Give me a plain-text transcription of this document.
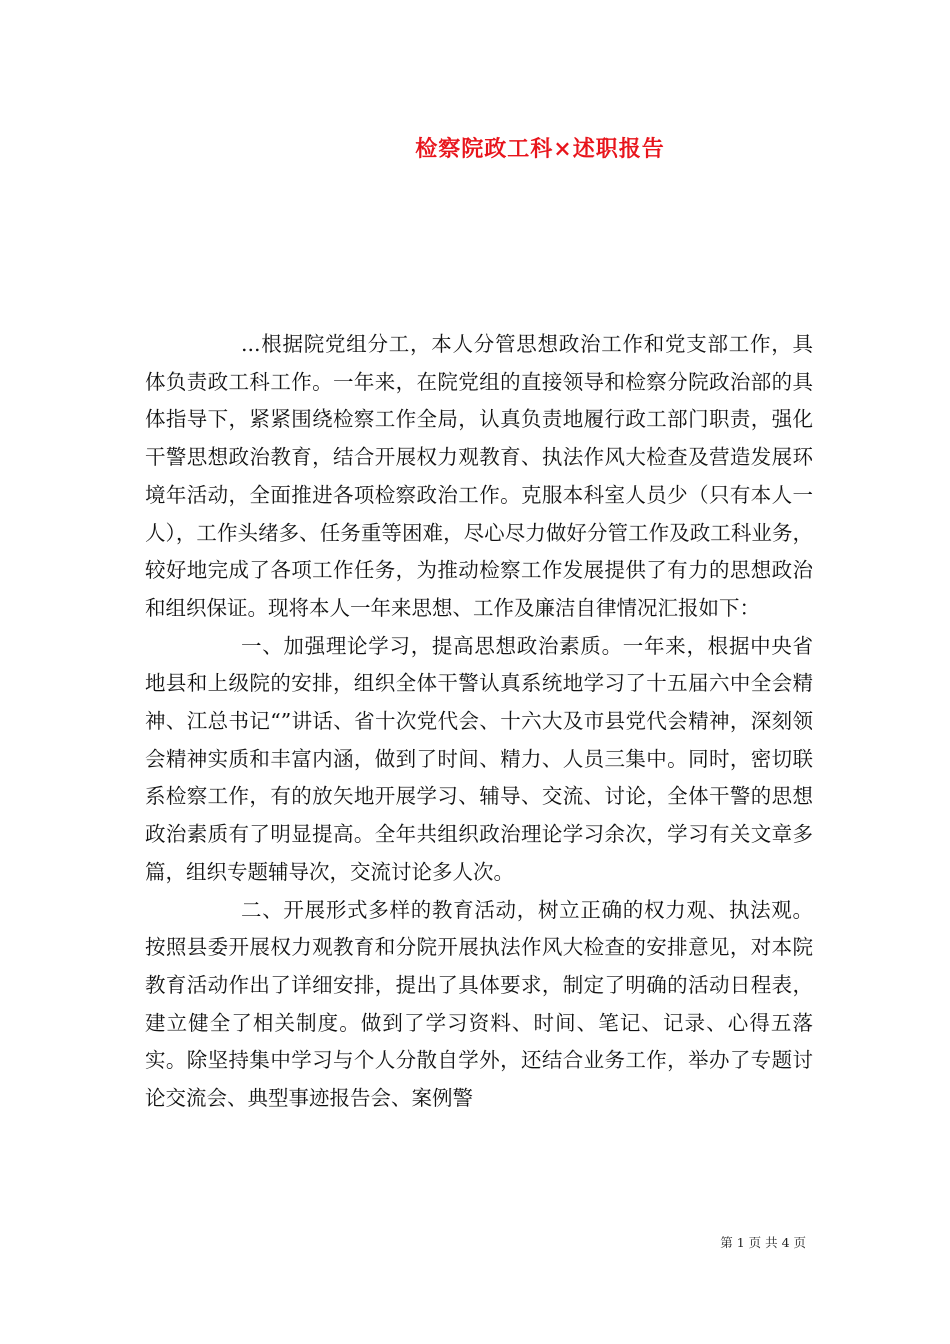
检察院政工科×述职报告

...根据院党组分工，本人分管思想政治工作和党支部工作，具体负责政工科工作。一年来，在院党组的直接领导和检察分院政治部的具体指导下，紧紧围绕检察工作全局，认真负责地履行政工部门职责，强化干警思想政治教育，结合开展权力观教育、执法作风大检查及营造发展环境年活动，全面推进各项检察政治工作。克服本科室人员少（只有本人一人），工作头绪多、任务重等困难，尽心尽力做好分管工作及政工科业务，较好地完成了各项工作任务，为推动检察工作发展提供了有力的思想政治和组织保证。现将本人一年来思想、工作及廉洁自律情况汇报如下：

一、加强理论学习，提高思想政治素质。一年来，根据中央省地县和上级院的安排，组织全体干警认真系统地学习了十五届六中全会精神、江总书记“”讲话、省十次党代会、十六大及市县党代会精神，深刻领会精神实质和丰富内涵，做到了时间、精力、人员三集中。同时，密切联系检察工作，有的放矢地开展学习、辅导、交流、讨论，全体干警的思想政治素质有了明显提高。全年共组织政治理论学习余次，学习有关文章多篇，组织专题辅导次，交流讨论多人次。

二、开展形式多样的教育活动，树立正确的权力观、执法观。按照县委开展权力观教育和分院开展执法作风大检查的安排意见，对本院教育活动作出了详细安排，提出了具体要求，制定了明确的活动日程表，建立健全了相关制度。做到了学习资料、时间、笔记、记录、心得五落实。除坚持集中学习与个人分散自学外，还结合业务工作，举办了专题讨论交流会、典型事迹报告会、案例警

第 1 页 共 4 页
